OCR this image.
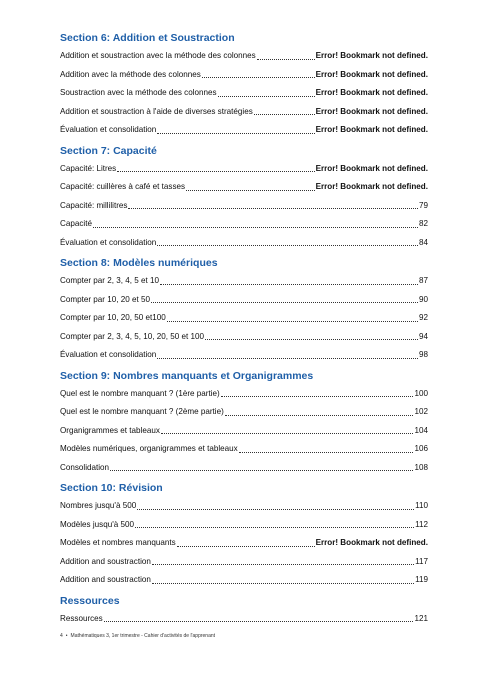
Section 6: Addition et Soustraction
Addition et soustraction avec la méthode des colonnes	Error! Bookmark not defined.
Addition avec la méthode des colonnes	Error! Bookmark not defined.
Soustraction avec la méthode des colonnes	Error! Bookmark not defined.
Addition et soustraction à l'aide de diverses stratégies	Error! Bookmark not defined.
Évaluation et consolidation	Error! Bookmark not defined.
Section 7: Capacité
Capacité: Litres	Error! Bookmark not defined.
Capacité: cuillères à café et tasses	Error! Bookmark not defined.
Capacité: millilitres	79
Capacité	82
Évaluation et consolidation	84
Section 8: Modèles numériques
Compter par 2, 3, 4, 5 et 10	87
Compter par 10, 20 et 50	90
Compter par 10, 20, 50 et100	92
Compter par 2, 3, 4, 5, 10, 20, 50 et 100	94
Évaluation et consolidation	98
Section 9: Nombres manquants et Organigrammes
Quel est le nombre manquant ? (1ère partie)	100
Quel est le nombre manquant ? (2ème partie)	102
Organigrammes et tableaux	104
Modèles numériques, organigrammes et tableaux	106
Consolidation	108
Section 10: Révision
Nombres jusqu'à 500	110
Modèles jusqu'à 500	112
Modèles et nombres manquants	Error! Bookmark not defined.
Addition and soustraction	117
Addition and soustraction	119
Ressources
Ressources	121
4 • Mathématiques 3, 1er trimestre - Cahier d'activités de l'apprenant
